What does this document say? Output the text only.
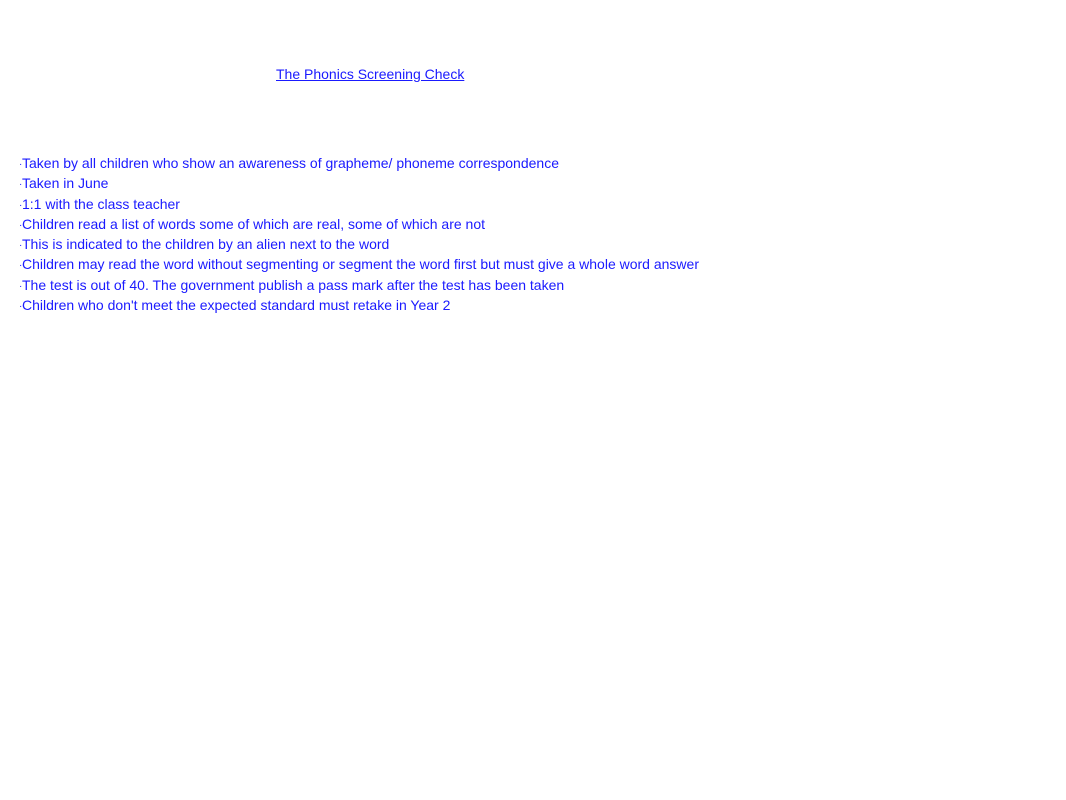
The Phonics Screening Check
·Taken by all children who show an awareness of grapheme/ phoneme correspondence
·Taken in June
·1:1 with the class teacher
·Children read a list of words some of which are real, some of which are not
·This is indicated to the children by an alien next to the word
·Children may read the word without segmenting or segment the word first but must give a whole word answer
·The test is out of 40. The government publish a pass mark after the test has been taken
·Children who don't meet the expected standard must retake in Year 2
